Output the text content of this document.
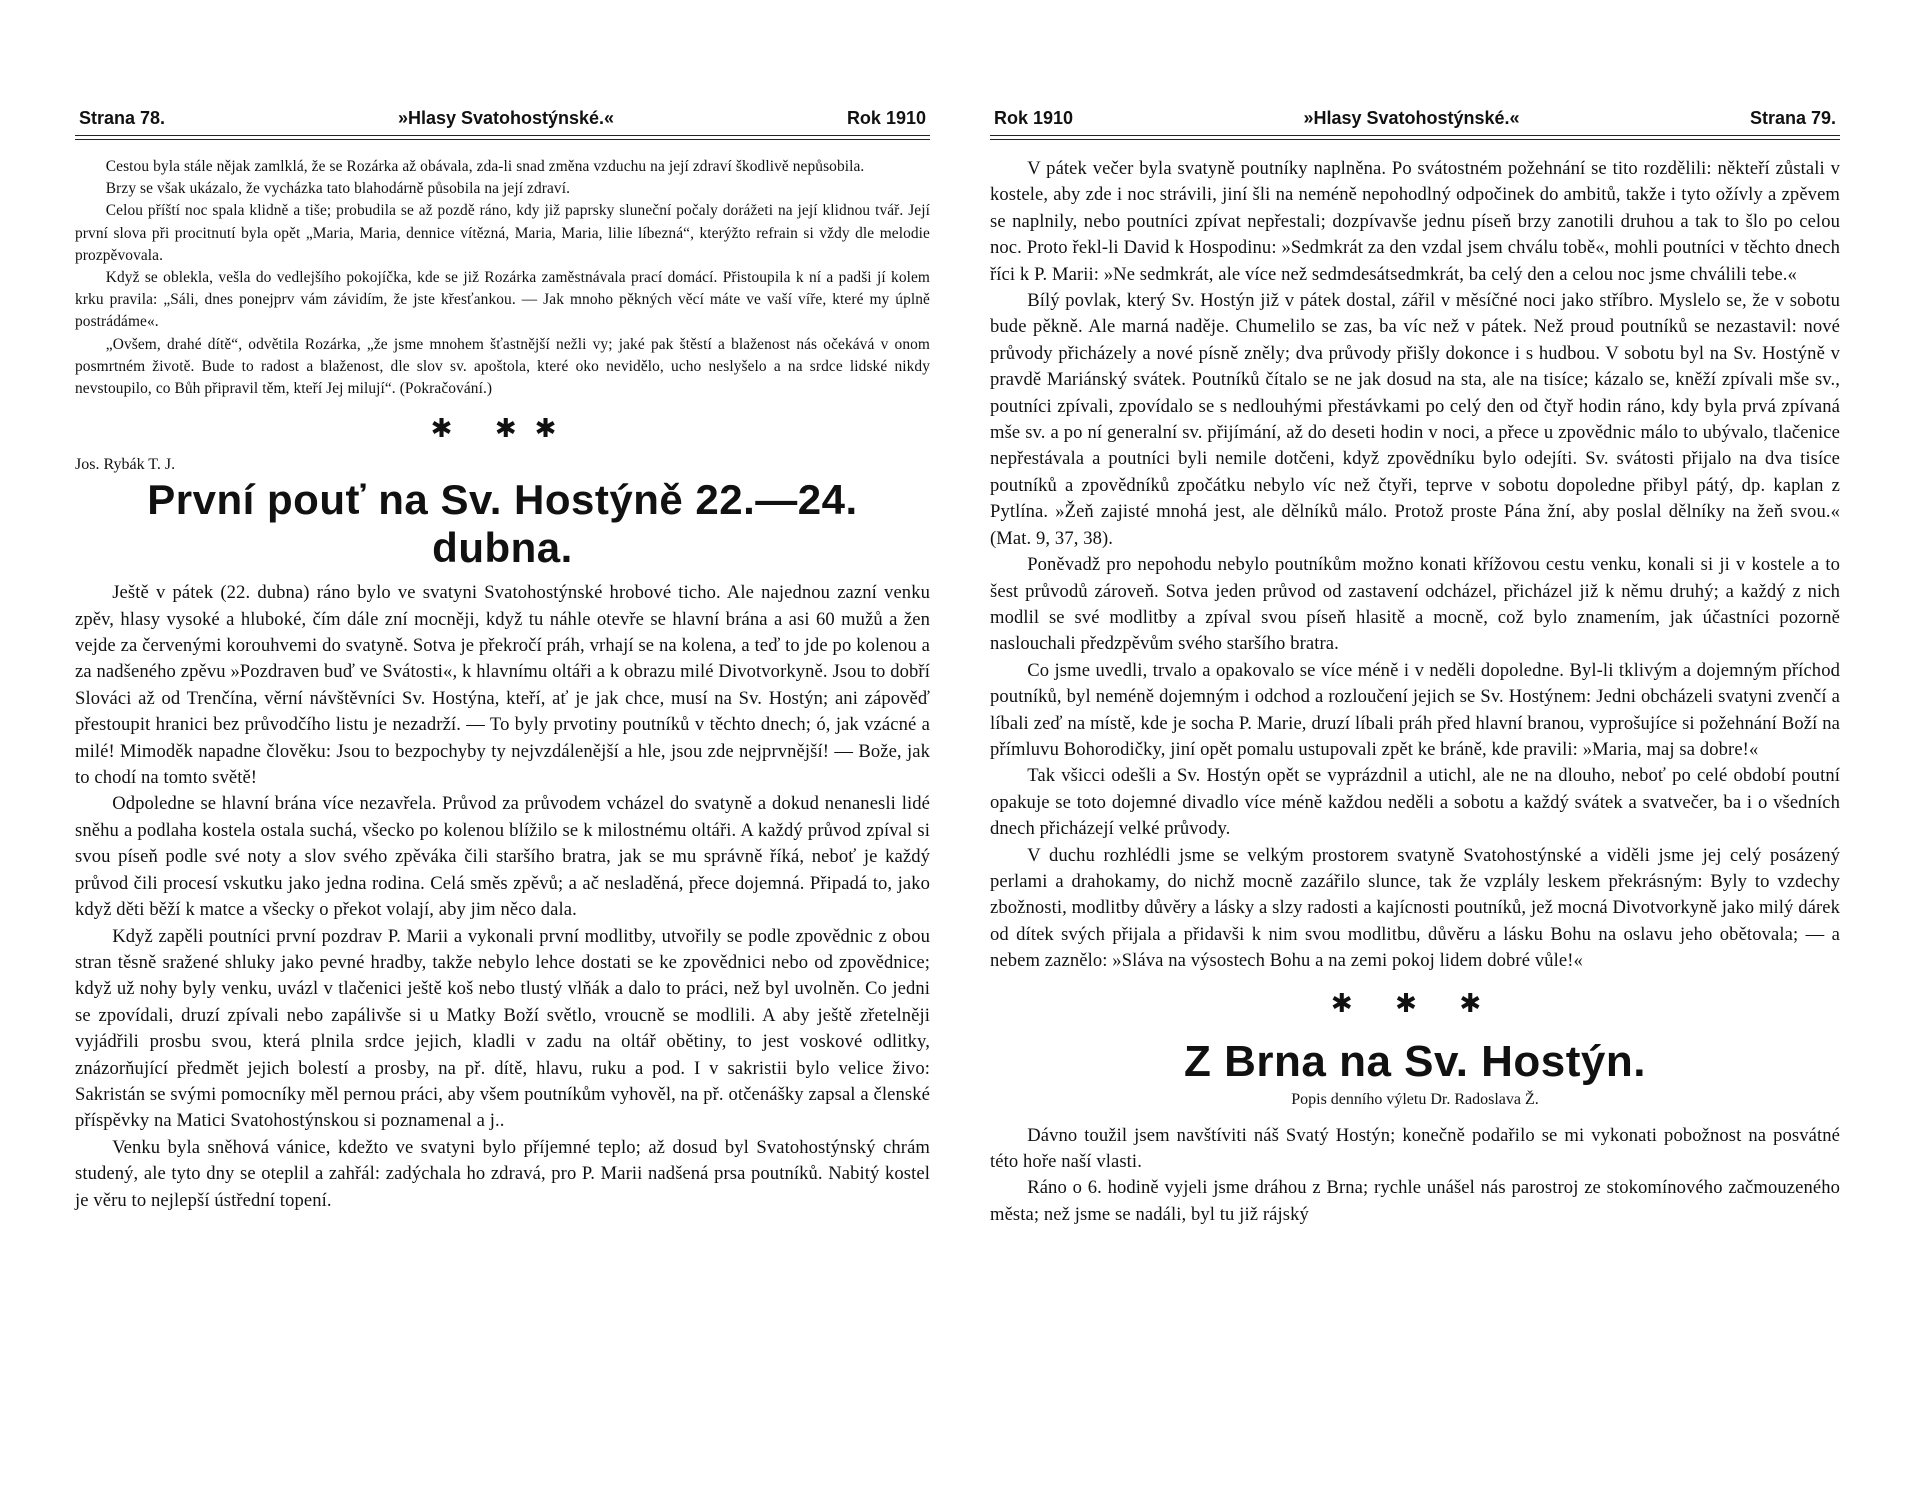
Strana 78.	»Hlasy Svatohostýnské.«	Rok 1910

Cestou byla stále nějak zamlklá, že se Rozárka až obávala, zda-li snad změna vzduchu na její zdraví škodlivě nepůsobila.

Brzy se však ukázalo, že vycházka tato blahodárně působila na její zdraví.

Celou příští noc spala klidně a tiše; probudila se až pozdě ráno, kdy již paprsky sluneční počaly dorážeti na její klidnou tvář. Její první slova při procitnutí byla opět „Maria, Maria, dennice vítězná, Maria, Maria, lilie líbezná“, kterýžto refrain si vždy dle melodie prozpěvovala.

Když se oblekla, vešla do vedlejšího pokojíčka, kde se již Rozárka zaměstnávala prací domácí. Přistoupila k ní a padši jí kolem krku pravila: „Sáli, dnes ponejprv vám závidím, že jste křesťankou. — Jak mnoho pěkných věcí máte ve vaší víře, které my úplně postrádáme«.

„Ovšem, drahé dítě“, odvětila Rozárka, „že jsme mnohem šťastnější nežli vy; jaké pak štěstí a blaženost nás očekává v onom posmrtném životě. Bude to radost a blaženost, dle slov sv. apoštola, které oko nevidělo, ucho neslyšelo a na srdce lidské nikdy nevstoupilo, co Bůh připravil těm, kteří Jej milují“. (Pokračování.)

✱ ✱✱

Jos. Rybák T. J.

První pouť na Sv. Hostýně 22.—24. dubna.

Ještě v pátek (22. dubna) ráno bylo ve svatyni Svatohostýnské hrobové ticho. Ale najednou zazní venku zpěv, hlasy vysoké a hluboké, čím dále zní mocněji, když tu náhle otevře se hlavní brána a asi 60 mužů a žen vejde za červenými korouhvemi do svatyně. Sotva je překročí práh, vrhají se na kolena, a teď to jde po kolenou a za nadšeného zpěvu »Pozdraven buď ve Svátosti«, k hlavnímu oltáři a k obrazu milé Divotvorkyně. Jsou to dobří Slováci až od Trenčína, věrní návštěvníci Sv. Hostýna, kteří, ať je jak chce, musí na Sv. Hostýn; ani zápověď přestoupit hranici bez průvodčího listu je nezadrží. — To byly prvotiny poutníků v těchto dnech; ó, jak vzácné a milé! Mimoděk napadne člověku: Jsou to bezpochyby ty nejvzdálenější a hle, jsou zde nejprvnější! — Bože, jak to chodí na tomto světě!

Odpoledne se hlavní brána více nezavřela. Průvod za průvodem vcházel do svatyně a dokud nenanesli lidé sněhu a podlaha kostela ostala suchá, všecko po kolenou blížilo se k milostnému oltáři. A každý průvod zpíval si svou píseň podle své noty a slov svého zpěváka čili staršího bratra, jak se mu správně říká, neboť je každý průvod čili procesí vskutku jako jedna rodina. Celá směs zpěvů; a ač nesladěná, přece dojemná. Připadá to, jako když děti běží k matce a všecky o překot volají, aby jim něco dala.

Když zapěli poutníci první pozdrav P. Marii a vykonali první modlitby, utvořily se podle zpovědnic z obou stran těsně sražené shluky jako pevné hradby, takže nebylo lehce dostati se ke zpovědnici nebo od zpovědnice; když už nohy byly venku, uvázl v tlačenici ještě koš nebo tlustý vlňák a dalo to práci, než byl uvolněn. Co jedni se zpovídali, druzí zpívali nebo zapálivše si u Matky Boží světlo, vroucně se modlili. A aby ještě zřetelněji vyjádřili prosbu svou, která plnila srdce jejich, kladli v zadu na oltář obětiny, to jest voskové odlitky, znázorňující předmět jejich bolestí a prosby, na př. dítě, hlavu, ruku a pod. I v sakristii bylo velice živo: Sakristán se svými pomocníky měl pernou práci, aby všem poutníkům vyhověl, na př. otčenášky zapsal a členské příspěvky na Matici Svatohostýnskou si poznamenal a j..

Venku byla sněhová vánice, kdežto ve svatyni bylo příjemné teplo; až dosud byl Svatohostýnský chrám studený, ale tyto dny se oteplil a zahřál: zadýchala ho zdravá, pro P. Marii nadšená prsa poutníků. Nabitý kostel je věru to nejlepší ústřední topení.

Rok 1910	»Hlasy Svatohostýnské.«	Strana 79.

V pátek večer byla svatyně poutníky naplněna. Po svátostném požehnání se tito rozdělili: někteří zůstali v kostele, aby zde i noc strávili, jiní šli na neméně nepohodlný odpočinek do ambitů, takže i tyto ožívly a zpěvem se naplnily, nebo poutníci zpívat nepřestali; dozpívavše jednu píseň brzy zanotili druhou a tak to šlo po celou noc. Proto řekl-li David k Hospodinu: »Sedmkrát za den vzdal jsem chválu tobě«, mohli poutníci v těchto dnech říci k P. Marii: »Ne sedmkrát, ale více než sedmdesátsedmkrát, ba celý den a celou noc jsme chválili tebe.«

Bílý povlak, který Sv. Hostýn již v pátek dostal, zářil v měsíčné noci jako stříbro. Myslelo se, že v sobotu bude pěkně. Ale marná naděje. Chumelilo se zas, ba víc než v pátek. Než proud poutníků se nezastavil: nové průvody přicházely a nové písně zněly; dva průvody přišly dokonce i s hudbou. V sobotu byl na Sv. Hostýně v pravdě Mariánský svátek. Poutníků čítalo se ne jak dosud na sta, ale na tisíce; kázalo se, kněží zpívali mše sv., poutníci zpívali, zpovídalo se s nedlouhými přestávkami po celý den od čtyř hodin ráno, kdy byla prvá zpívaná mše sv. a po ní generalní sv. přijímání, až do deseti hodin v noci, a přece u zpovědnic málo to ubývalo, tlačenice nepřestávala a poutníci byli nemile dotčeni, když zpovědníku bylo odejíti. Sv. svátosti přijalo na dva tisíce poutníků a zpovědníků zpočátku nebylo víc než čtyři, teprve v sobotu dopoledne přibyl pátý, dp. kaplan z Pytlína. »Žeň zajisté mnohá jest, ale dělníků málo. Protož proste Pána žní, aby poslal dělníky na žeň svou.« (Mat. 9, 37, 38).

Poněvadž pro nepohodu nebylo poutníkům možno konati křížovou cestu venku, konali si ji v kostele a to šest průvodů zároveň. Sotva jeden průvod od zastavení odcházel, přicházel již k němu druhý; a každý z nich modlil se své modlitby a zpíval svou píseň hlasitě a mocně, což bylo znamením, jak účastníci pozorně naslouchali předzpěvům svého staršího bratra.

Co jsme uvedli, trvalo a opakovalo se více méně i v neděli dopoledne. Byl-li tklivým a dojemným příchod poutníků, byl neméně dojemným i odchod a rozloučení jejich se Sv. Hostýnem: Jedni obcházeli svatyni zvenčí a líbali zeď na místě, kde je socha P. Marie, druzí líbali práh před hlavní branou, vyprošujíce si požehnání Boží na přímluvu Bohorodičky, jiní opět pomalu ustupovali zpět ke bráně, kde pravili: »Maria, maj sa dobre!«

Tak všicci odešli a Sv. Hostýn opět se vyprázdnil a utichl, ale ne na dlouho, neboť po celé období poutní opakuje se toto dojemné divadlo více méně každou neděli a sobotu a každý svátek a svatvečer, ba i o všedních dnech přicházejí velké průvody.

V duchu rozhlédli jsme se velkým prostorem svatyně Svatohostýnské a viděli jsme jej celý posázený perlami a drahokamy, do nichž mocně zazářilo slunce, tak že vzplály leskem překrásným: Byly to vzdechy zbožnosti, modlitby důvěry a lásky a slzy radosti a kajícnosti poutníků, jež mocná Divotvorkyně jako milý dárek od dítek svých přijala a přidavši k nim svou modlitbu, důvěru a lásku Bohu na oslavu jeho obětovala; — a nebem zaznělo: »Sláva na výsostech Bohu a na zemi pokoj lidem dobré vůle!«

✱ ✱ ✱
Z Brna na Sv. Hostýn.

Popis denního výletu Dr. Radoslava Ž.

Dávno toužil jsem navštíviti náš Svatý Hostýn; konečně podařilo se mi vykonati pobožnost na posvátné této hoře naší vlasti.

Ráno o 6. hodině vyjeli jsme dráhou z Brna; rychle unášel nás parostroj ze stokomínového začmouzeného města; než jsme se nadáli, byl tu již rájský
